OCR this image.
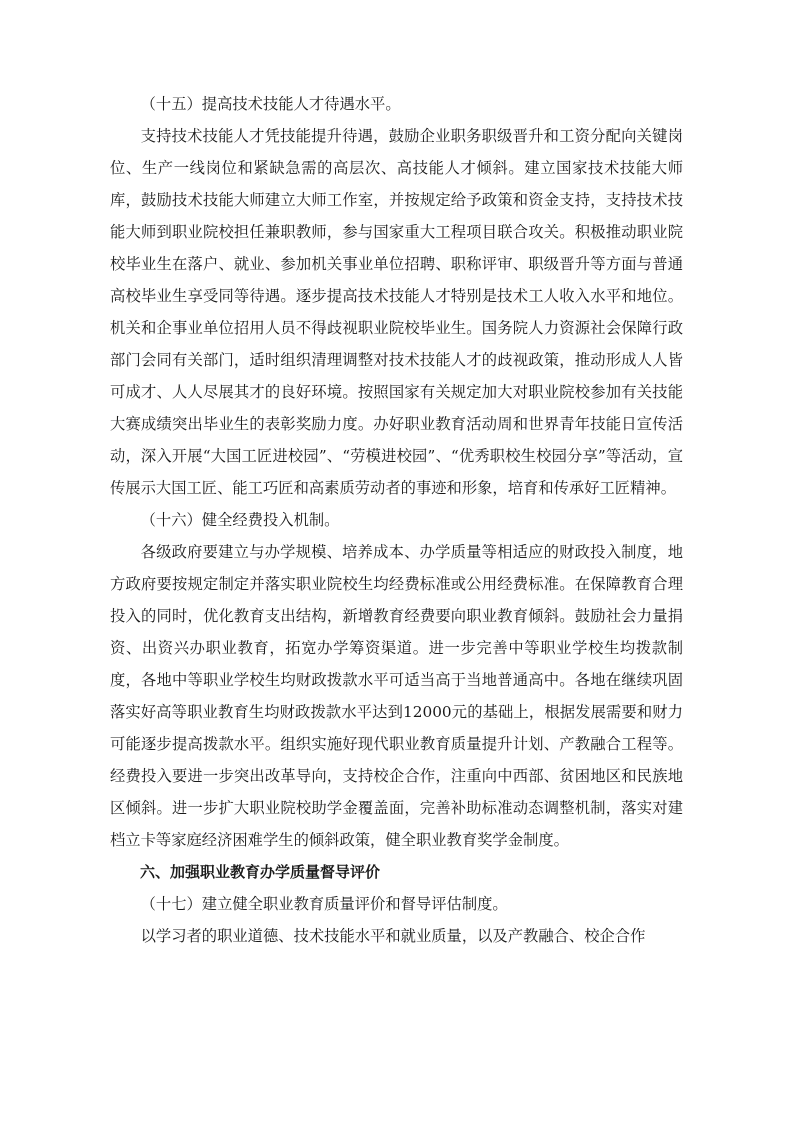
（十五）提高技术技能人才待遇水平。

支持技术技能人才凭技能提升待遇，鼓励企业职务职级晋升和工资分配向关键岗位、生产一线岗位和紧缺急需的高层次、高技能人才倾斜。建立国家技术技能大师库，鼓励技术技能大师建立大师工作室，并按规定给予政策和资金支持，支持技术技能大师到职业院校担任兼职教师，参与国家重大工程项目联合攻关。积极推动职业院校毕业生在落户、就业、参加机关事业单位招聘、职称评审、职级晋升等方面与普通高校毕业生享受同等待遇。逐步提高技术技能人才特别是技术工人收入水平和地位。机关和企事业单位招用人员不得歧视职业院校毕业生。国务院人力资源社会保障行政部门会同有关部门，适时组织清理调整对技术技能人才的歧视政策，推动形成人人皆可成才、人人尽展其才的良好环境。按照国家有关规定加大对职业院校参加有关技能大赛成绩突出毕业生的表彰奖励力度。办好职业教育活动周和世界青年技能日宣传活动，深入开展“大国工匠进校园”、“劳模进校园”、“优秀职校生校园分享”等活动，宣传展示大国工匠、能工巧匠和高素质劳动者的事迹和形象，培育和传承好工匠精神。

（十六）健全经费投入机制。

各级政府要建立与办学规模、培养成本、办学质量等相适应的财政投入制度，地方政府要按规定制定并落实职业院校生均经费标准或公用经费标准。在保障教育合理投入的同时，优化教育支出结构，新增教育经费要向职业教育倾斜。鼓励社会力量捐资、出资兴办职业教育，拓宽办学筹资渠道。进一步完善中等职业学校生均拨款制度，各地中等职业学校生均财政拨款水平可适当高于当地普通高中。各地在继续巩固落实好高等职业教育生均财政拨款水平达到12000元的基础上，根据发展需要和财力可能逐步提高拨款水平。组织实施好现代职业教育质量提升计划、产教融合工程等。经费投入要进一步突出改革导向，支持校企合作，注重向中西部、贫困地区和民族地区倾斜。进一步扩大职业院校助学金覆盖面，完善补助标准动态调整机制，落实对建档立卡等家庭经济困难学生的倾斜政策，健全职业教育奖学金制度。

六、加强职业教育办学质量督导评价

（十七）建立健全职业教育质量评价和督导评估制度。

以学习者的职业道德、技术技能水平和就业质量，以及产教融合、校企合作
